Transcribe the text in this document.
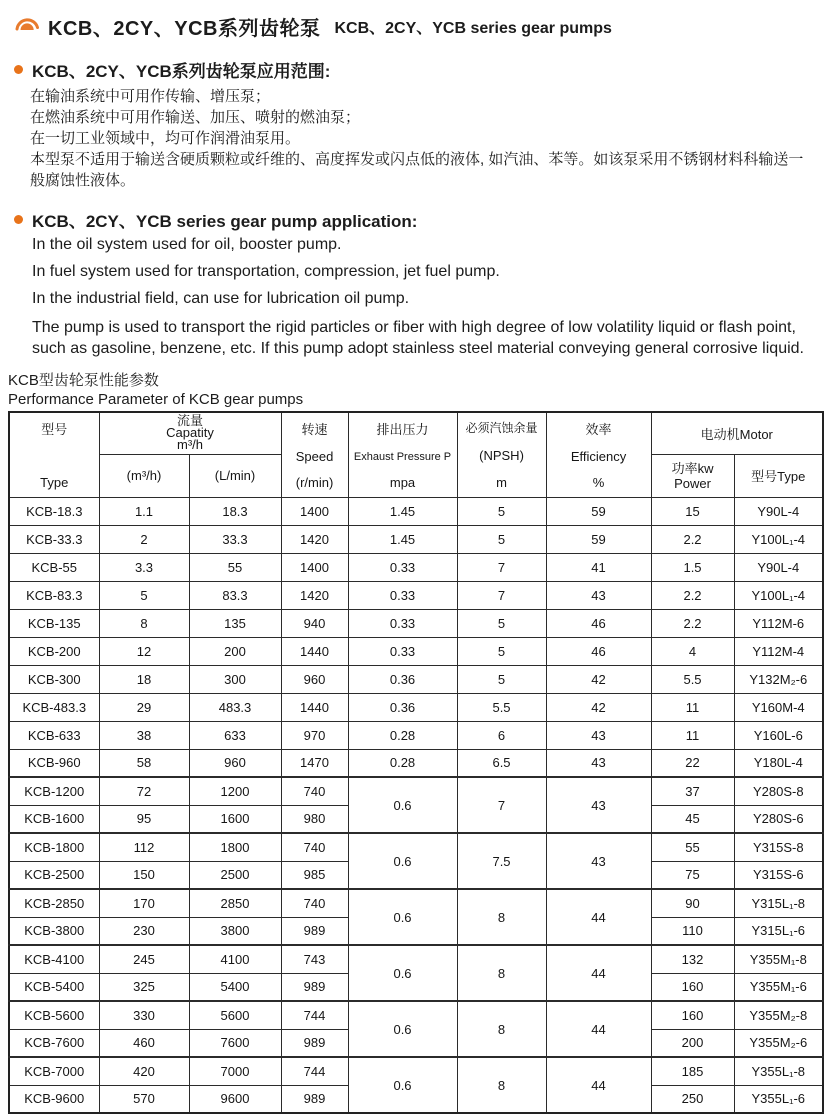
KCB、2CY、YCB系列齿轮泵 KCB、2CY、YCB series gear pumps
KCB、2CY、YCB系列齿轮泵应用范围:

在输油系统中可用作传输、增压泵；

在燃油系统中可用作输送、加压、喷射的燃油泵；

在一切工业领域中，均可作润滑油泵用。

本型泵不适用于输送含硬质颗粒或纤维的、高度挥发或闪点低的液体, 如汽油、苯等。如该泵采用不锈钢材料科输送一般腐蚀性液体。

KCB、2CY、YCB series gear pump application:

In the oil system used for oil, booster pump.

In fuel system used for transportation, compression, jet fuel pump.

In the industrial field, can use for lubrication oil pump.

The pump is used to transport the rigid particles or fiber with high degree of low volatility liquid or flash point, such as gasoline, benzene, etc. If this pump adopt stainless steel material conveying general corrosive liquid.

KCB型齿轮泵性能参数
Performance Parameter of KCB gear pumps
型号
Type	流量
Capatity
m³/h		转速
Speed
(r/min)	排出压力
Exhaust Pressure P
mpa	必须汽蚀余量
(NPSH)
m	效率
Efficiency
%	电动机Motor	
	(m³/h)	(L/min)					功率kw
Power	型号Type
KCB-18.3	1.1	18.3	1400	1.45	5	59	15	Y90L-4
KCB-33.3	2	33.3	1420	1.45	5	59	2.2	Y100L₁-4
KCB-55	3.3	55	1400	0.33	7	41	1.5	Y90L-4
KCB-83.3	5	83.3	1420	0.33	7	43	2.2	Y100L₁-4
KCB-135	8	135	940	0.33	5	46	2.2	Y112M-6
KCB-200	12	200	1440	0.33	5	46	4	Y112M-4
KCB-300	18	300	960	0.36	5	42	5.5	Y132M₂-6
KCB-483.3	29	483.3	1440	0.36	5.5	42	11	Y160M-4
KCB-633	38	633	970	0.28	6	43	11	Y160L-6
KCB-960	58	960	1470	0.28	6.5	43	22	Y180L-4
KCB-1200	72	1200	740	0.6	7	43	37	Y280S-8
KCB-1600	95	1600	980				45	Y280S-6
KCB-1800	112	1800	740	0.6	7.5	43	55	Y315S-8
KCB-2500	150	2500	985				75	Y315S-6
KCB-2850	170	2850	740	0.6	8	44	90	Y315L₁-8
KCB-3800	230	3800	989				110	Y315L₁-6
KCB-4100	245	4100	743	0.6	8	44	132	Y355M₁-8
KCB-5400	325	5400	989				160	Y355M₁-6
KCB-5600	330	5600	744	0.6	8	44	160	Y355M₂-8
KCB-7600	460	7600	989				200	Y355M₂-6
KCB-7000	420	7000	744	0.6	8	44	185	Y355L₁-8
KCB-9600	570	9600	989				250	Y355L₁-6
